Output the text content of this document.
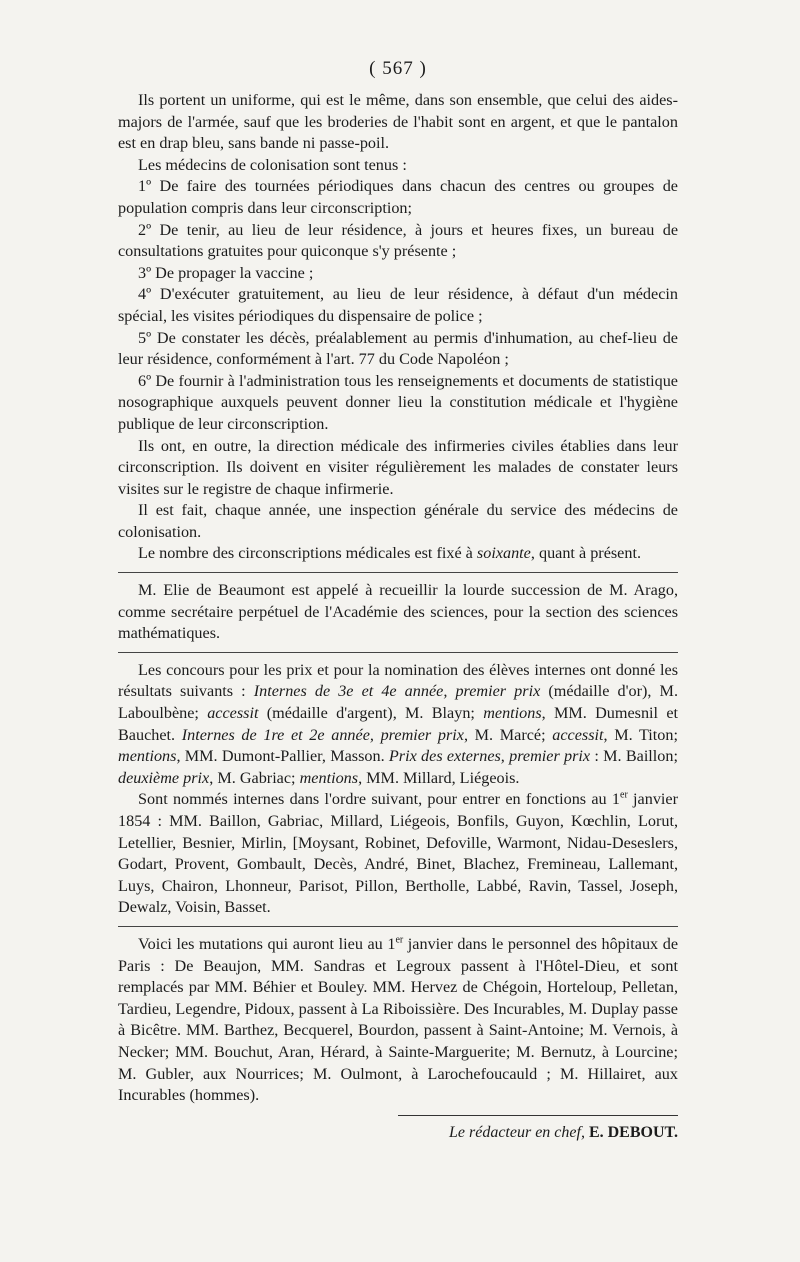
( 567 )

Ils portent un uniforme, qui est le même, dans son ensemble, que celui des aides-majors de l'armée, sauf que les broderies de l'habit sont en argent, et que le pantalon est en drap bleu, sans bande ni passe-poil.

Les médecins de colonisation sont tenus :

1º De faire des tournées périodiques dans chacun des centres ou groupes de population compris dans leur circonscription;

2º De tenir, au lieu de leur résidence, à jours et heures fixes, un bureau de consultations gratuites pour quiconque s'y présente ;

3º De propager la vaccine ;

4º D'exécuter gratuitement, au lieu de leur résidence, à défaut d'un médecin spécial, les visites périodiques du dispensaire de police ;

5º De constater les décès, préalablement au permis d'inhumation, au chef-lieu de leur résidence, conformément à l'art. 77 du Code Napoléon ;

6º De fournir à l'administration tous les renseignements et documents de statistique nosographique auxquels peuvent donner lieu la constitution médicale et l'hygiène publique de leur circonscription.

Ils ont, en outre, la direction médicale des infirmeries civiles établies dans leur circonscription. Ils doivent en visiter régulièrement les malades de constater leurs visites sur le registre de chaque infirmerie.

Il est fait, chaque année, une inspection générale du service des médecins de colonisation.

Le nombre des circonscriptions médicales est fixé à soixante, quant à présent.

M. Elie de Beaumont est appelé à recueillir la lourde succession de M. Arago, comme secrétaire perpétuel de l'Académie des sciences, pour la section des sciences mathématiques.

Les concours pour les prix et pour la nomination des élèves internes ont donné les résultats suivants : Internes de 3e et 4e année, premier prix (médaille d'or), M. Laboulbène; accessit (médaille d'argent), M. Blayn; mentions, MM. Dumesnil et Bauchet. Internes de 1re et 2e année, premier prix, M. Marcé; accessit, M. Titon; mentions, MM. Dumont-Pallier, Masson. Prix des externes, premier prix : M. Baillon; deuxième prix, M. Gabriac; mentions, MM. Millard, Liégeois.

Sont nommés internes dans l'ordre suivant, pour entrer en fonctions au 1er janvier 1854 : MM. Baillon, Gabriac, Millard, Liégeois, Bonfils, Guyon, Kœchlin, Lorut, Letellier, Besnier, Mirlin, [Moysant, Robinet, Defoville, Warmont, Nidau-Deseslers, Godart, Provent, Gombault, Decès, André, Binet, Blachez, Fremineau, Lallemant, Luys, Chairon, Lhonneur, Parisot, Pillon, Bertholle, Labbé, Ravin, Tassel, Joseph, Dewalz, Voisin, Basset.

Voici les mutations qui auront lieu au 1er janvier dans le personnel des hôpitaux de Paris : De Beaujon, MM. Sandras et Legroux passent à l'Hôtel-Dieu, et sont remplacés par MM. Béhier et Bouley. MM. Hervez de Chégoin, Horteloup, Pelletan, Tardieu, Legendre, Pidoux, passent à La Riboissière. Des Incurables, M. Duplay passe à Bicêtre. MM. Barthez, Becquerel, Bourdon, passent à Saint-Antoine; M. Vernois, à Necker; MM. Bouchut, Aran, Hérard, à Sainte-Marguerite; M. Bernutz, à Lourcine; M. Gubler, aux Nourrices; M. Oulmont, à Larochefoucauld ; M. Hillairet, aux Incurables (hommes).

Le rédacteur en chef, E. DEBOUT.
